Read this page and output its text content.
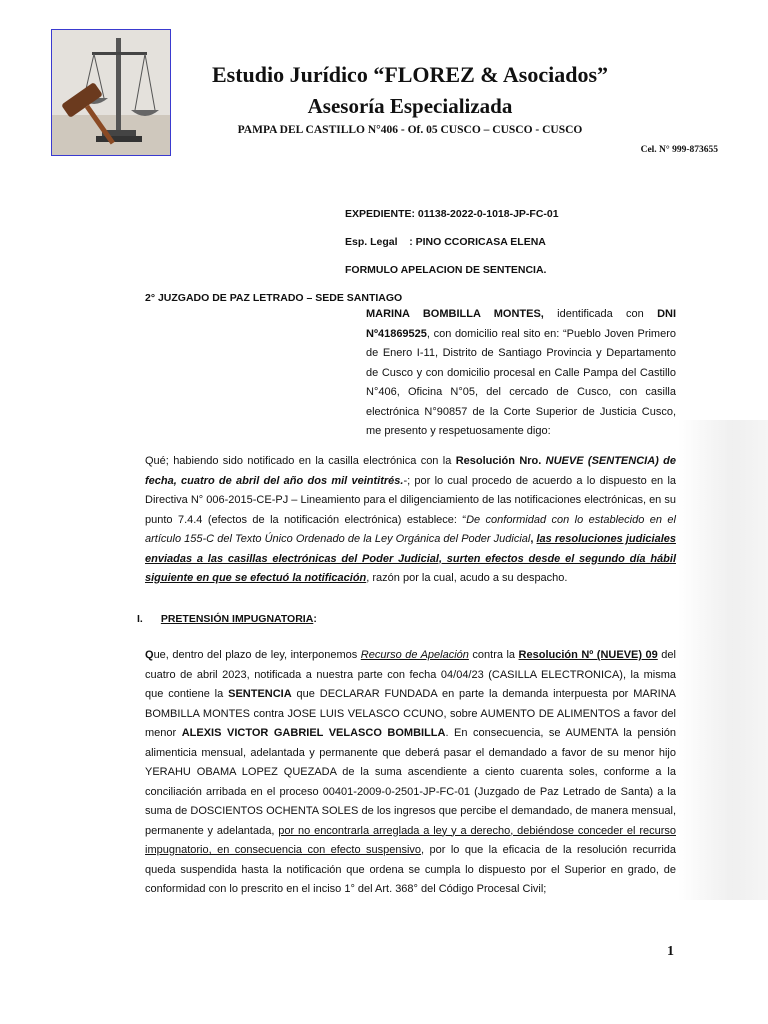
Estudio Jurídico “FLOREZ & Asociados”
Asesoría Especializada
PAMPA DEL CASTILLO N°406 - Of. 05 CUSCO – CUSCO - CUSCO
Cel. N° 999-873655
EXPEDIENTE: 01138-2022-0-1018-JP-FC-01
Esp. Legal : PINO CCORICASA ELENA
FORMULO APELACION DE SENTENCIA.
2° JUZGADO DE PAZ LETRADO – SEDE SANTIAGO
MARINA BOMBILLA MONTES, identificada con DNI Nº41869525, con domicilio real sito en: “Pueblo Joven Primero de Enero I-11, Distrito de Santiago Provincia y Departamento de Cusco y con domicilio procesal en Calle Pampa del Castillo N°406, Oficina N°05, del cercado de Cusco, con casilla electrónica N°90857 de la Corte Superior de Justicia Cusco, me presento y respetuosamente digo:
Qué; habiendo sido notificado en la casilla electrónica con la Resolución Nro. NUEVE (SENTENCIA) de fecha, cuatro de abril del año dos mil veintitrés.-; por lo cual procedo de acuerdo a lo dispuesto en la Directiva N° 006-2015-CE-PJ – Lineamiento para el diligenciamiento de las notificaciones electrónicas, en su punto 7.4.4 (efectos de la notificación electrónica) establece: “De conformidad con lo establecido en el artículo 155-C del Texto Único Ordenado de la Ley Orgánica del Poder Judicial, las resoluciones judiciales enviadas a las casillas electrónicas del Poder Judicial, surten efectos desde el segundo día hábil siguiente en que se efectuó la notificación, razón por la cual, acudo a su despacho.
I. PRETENSIÓN IMPUGNATORIA:
Que, dentro del plazo de ley, interponemos Recurso de Apelación contra la Resolución Nº (NUEVE) 09 del cuatro de abril 2023, notificada a nuestra parte con fecha 04/04/23 (CASILLA ELECTRONICA), la misma que contiene la SENTENCIA que DECLARAR FUNDADA en parte la demanda interpuesta por MARINA BOMBILLA MONTES contra JOSE LUIS VELASCO CCUNO, sobre AUMENTO DE ALIMENTOS a favor del menor ALEXIS VICTOR GABRIEL VELASCO BOMBILLA. En consecuencia, se AUMENTA la pensión alimenticia mensual, adelantada y permanente que deberá pasar el demandado a favor de su menor hijo YERAHU OBAMA LOPEZ QUEZADA de la suma ascendiente a ciento cuarenta soles, conforme a la conciliación arribada en el proceso 00401-2009-0-2501-JP-FC-01 (Juzgado de Paz Letrado de Santa) a la suma de DOSCIENTOS OCHENTA SOLES de los ingresos que percibe el demandado, de manera mensual, permanente y adelantada, por no encontrarla arreglada a ley y a derecho, debiéndose conceder el recurso impugnatorio, en consecuencia con efecto suspensivo, por lo que la eficacia de la resolución recurrida queda suspendida hasta la notificación que ordena se cumpla lo dispuesto por el Superior en grado, de conformidad con lo prescrito en el inciso 1° del Art. 368° del Código Procesal Civil;
1
